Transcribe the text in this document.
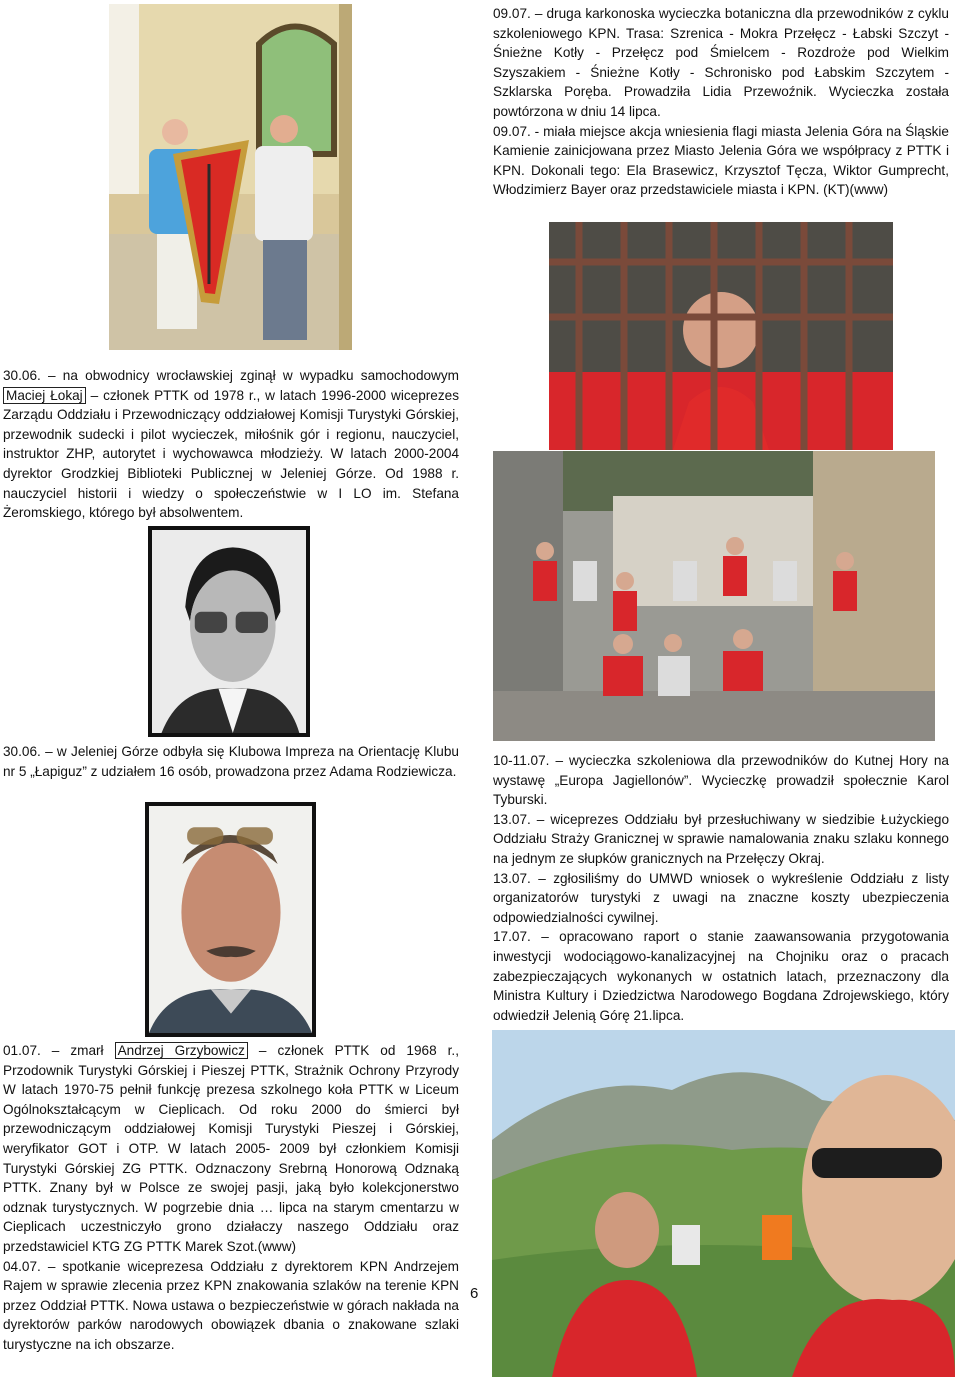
09.07. – druga karkonoska wycieczka botaniczna dla przewodników z cyklu szkoleniowego KPN. Trasa: Szrenica - Mokra Przełęcz - Łabski Szczyt - Śnieżne Kotły - Przełęcz pod Śmielcem - Rozdroże pod Wielkim Szyszakiem - Śnieżne Kotły - Schronisko pod Łabskim Szczytem - Szklarska Poręba. Prowadziła Lidia Przewoźnik. Wycieczka została powtórzona w dniu 14 lipca.

09.07. - miała miejsce akcja wniesienia flagi miasta Jelenia Góra na Śląskie Kamienie zainicjowana przez Miasto Jelenia Góra we współpracy z PTTK i KPN. Dokonali tego: Ela Brasewicz, Krzysztof Tęcza, Wiktor Gumprecht, Włodzimierz Bayer oraz przedstawiciele miasta i KPN. (KT)(www)

30.06. – na obwodnicy wrocławskiej zginął w wypadku samochodowym Maciej Łokaj – członek PTTK od 1978 r., w latach 1996-2000 wiceprezes Zarządu Oddziału i Przewodniczący oddziałowej Komisji Turystyki Górskiej, przewodnik sudecki i pilot wycieczek, miłośnik gór i regionu, nauczyciel, instruktor ZHP, autorytet i wychowawca młodzieży. W latach 2000-2004 dyrektor Grodzkiej Biblioteki Publicznej w Jeleniej Górze. Od 1988 r. nauczyciel historii i wiedzy o społeczeństwie w I LO im. Stefana Żeromskiego, którego był absolwentem.

30.06. – w Jeleniej Górze odbyła się Klubowa Impreza na Orientację Klubu nr 5 „Łapiguz” z udziałem 16 osób, prowadzona przez Adama Rodziewicza.

10-11.07. – wycieczka szkoleniowa dla przewodników do Kutnej Hory na wystawę „Europa Jagiellonów”. Wycieczkę prowadził społecznie Karol Tyburski.

13.07. – wiceprezes Oddziału był przesłuchiwany w siedzibie Łużyckiego Oddziału Straży Granicznej w sprawie namalowania znaku szlaku konnego na jednym ze słupków granicznych na Przełęczy Okraj.

13.07. – zgłosiliśmy do UMWD wniosek o wykreślenie Oddziału z listy organizatorów turystyki z uwagi na znaczne koszty ubezpieczenia odpowiedzialności cywilnej.

17.07. – opracowano raport o stanie zaawansowania przygotowania inwestycji wodociągowo-kanalizacyjnej na Chojniku oraz o pracach zabezpieczających wykonanych w ostatnich latach, przeznaczony dla Ministra Kultury i Dziedzictwa Narodowego Bogdana Zdrojewskiego, który odwiedził Jelenią Górę 21.lipca.

01.07. – zmarł Andrzej Grzybowicz – członek PTTK od 1968 r., Przodownik Turystyki Górskiej i Pieszej PTTK, Strażnik Ochrony Przyrody W latach 1970-75 pełnił funkcję prezesa szkolnego koła PTTK w Liceum Ogólnokształcącym w Cieplicach. Od roku 2000 do śmierci był przewodniczącym oddziałowej Komisji Turystyki Pieszej i Górskiej, weryfikator GOT i OTP. W latach 2005- 2009 był członkiem Komisji Turystyki Górskiej ZG PTTK. Odznaczony Srebrną Honorową Odznaką PTTK. Znany był w Polsce ze swojej pasji, jaką było kolekcjonerstwo odznak turystycznych. W pogrzebie dnia … lipca na starym cmentarzu w Cieplicach uczestniczyło grono działaczy naszego Oddziału oraz przedstawiciel KTG ZG PTTK Marek Szot.(www)

04.07. – spotkanie wiceprezesa Oddziału z dyrektorem KPN Andrzejem Rajem w sprawie zlecenia przez KPN znakowania szlaków na terenie KPN przez Oddział PTTK. Nowa ustawa o bezpieczeństwie w górach nakłada na dyrektorów parków narodowych obowiązek dbania o znakowane szlaki turystyczne na ich obszarze.

6
